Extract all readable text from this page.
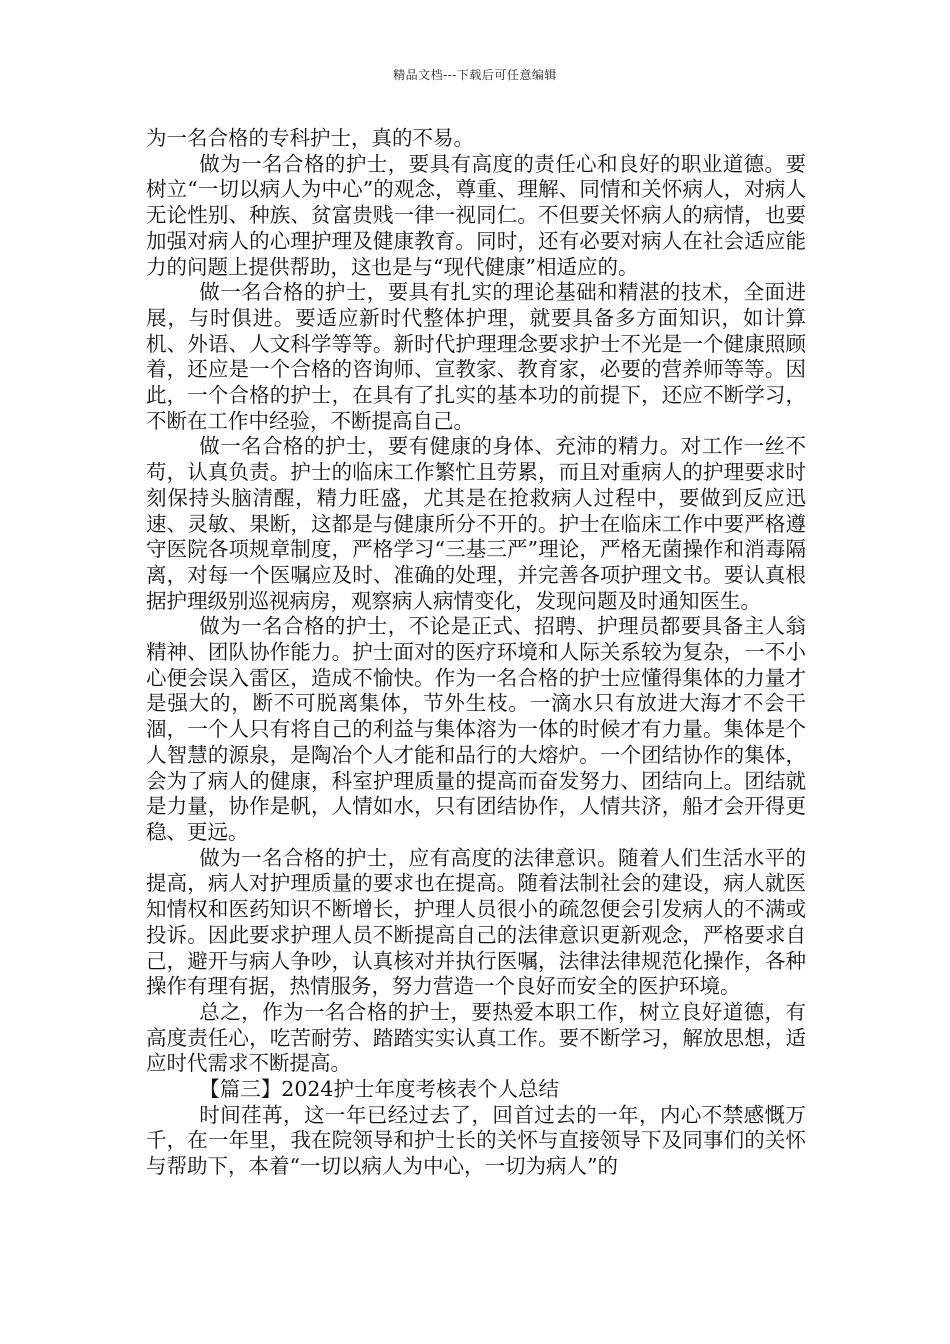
精品文档---下载后可任意编辑

为一名合格的专科护士，真的不易。

做为一名合格的护士，要具有高度的责任心和良好的职业道德。要树立“一切以病人为中心”的观念，尊重、理解、同情和关怀病人，对病人无论性别、种族、贫富贵贱一律一视同仁。不但要关怀病人的病情，也要加强对病人的心理护理及健康教育。同时，还有必要对病人在社会适应能力的问题上提供帮助，这也是与“现代健康”相适应的。

做一名合格的护士，要具有扎实的理论基础和精湛的技术，全面进展，与时俱进。要适应新时代整体护理，就要具备多方面知识，如计算机、外语、人文科学等等。新时代护理理念要求护士不光是一个健康照顾着，还应是一个合格的咨询师、宣教家、教育家，必要的营养师等等。因此，一个合格的护士，在具有了扎实的基本功的前提下，还应不断学习，不断在工作中经验，不断提高自己。

做一名合格的护士，要有健康的身体、充沛的精力。对工作一丝不苟，认真负责。护士的临床工作繁忙且劳累，而且对重病人的护理要求时刻保持头脑清醒，精力旺盛，尤其是在抢救病人过程中，要做到反应迅速、灵敏、果断，这都是与健康所分不开的。护士在临床工作中要严格遵守医院各项规章制度，严格学习“三基三严”理论，严格无菌操作和消毒隔离，对每一个医嘱应及时、准确的处理，并完善各项护理文书。要认真根据护理级别巡视病房，观察病人病情变化，发现问题及时通知医生。

做为一名合格的护士，不论是正式、招聘、护理员都要具备主人翁精神、团队协作能力。护士面对的医疗环境和人际关系较为复杂，一不小心便会误入雷区，造成不愉快。作为一名合格的护士应懂得集体的力量才是强大的，断不可脱离集体，节外生枝。一滴水只有放进大海才不会干涸，一个人只有将自己的利益与集体溶为一体的时候才有力量。集体是个人智慧的源泉，是陶冶个人才能和品行的大熔炉。一个团结协作的集体，会为了病人的健康，科室护理质量的提高而奋发努力、团结向上。团结就是力量，协作是帆，人情如水，只有团结协作，人情共济，船才会开得更稳、更远。

做为一名合格的护士，应有高度的法律意识。随着人们生活水平的提高，病人对护理质量的要求也在提高。随着法制社会的建设，病人就医知情权和医药知识不断增长，护理人员很小的疏忽便会引发病人的不满或投诉。因此要求护理人员不断提高自己的法律意识更新观念，严格要求自己，避开与病人争吵，认真核对并执行医嘱，法律法律规范化操作，各种操作有理有据，热情服务，努力营造一个良好而安全的医护环境。

总之，作为一名合格的护士，要热爱本职工作，树立良好道德，有高度责任心，吃苦耐劳、踏踏实实认真工作。要不断学习，解放思想，适应时代需求不断提高。

【篇三】2024护士年度考核表个人总结

时间荏苒，这一年已经过去了，回首过去的一年，内心不禁感慨万千，在一年里，我在院领导和护士长的关怀与直接领导下及同事们的关怀与帮助下，本着“一切以病人为中心，一切为病人”的
